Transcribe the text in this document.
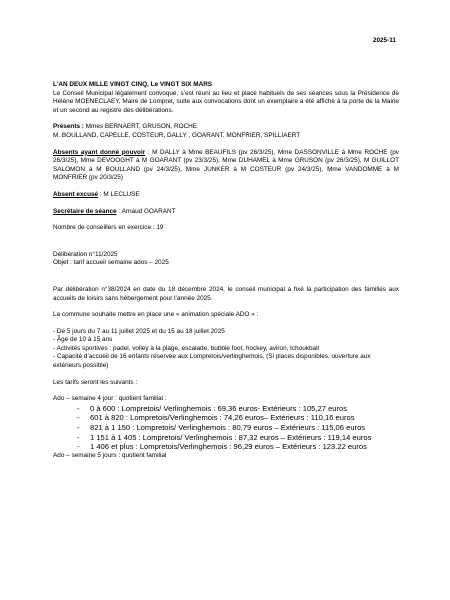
2025-11

L’AN DEUX MILLE VINGT CINQ, Le VINGT SIX MARS

Le Conseil Municipal légalement convoqué, s’est réuni au lieu et place habituels de ses séances sous la Présidence de Hélène MOENECLAEY, Maire de Lompret, suite aux convocations dont un exemplaire a été affiché à la porte de la Mairie et un second au registre des délibérations.

Présents : Mmes BERNAERT, GRUSON, ROCHE

M. BOULLAND, CAPELLE, COSTEUR, DALLY , GOARANT, MONFRIER, SPILLIAERT

Absents ayant donné pouvoir : M DALLY à Mme BEAUFILS (pv 26/3/25), Mme DASSONVILLE à Mme ROCHE (pv 26/3/25), Mme DEVOOGHT à M GOARANT (pv 23/3/25), Mme DUHAMEL à Mme GRUSON (pv 26/3/25), M GUILLOT SALOMON à M BOULLAND (pv 24/3/25), Mme JUNKER à M COSTEUR (pv 24/3/25), Mme VANDOMME à M MONFRIER (pv 20/3/25)

Absent excusé : M LECLUSE

Secrétaire de séance : Arnaud GOARANT

Nombre de conseillers en exercice : 19

Délibération n°11/2025

Objet : tarif accueil semaine ados – 2025

Par délibération n°38/2024 en date du 18 décembre 2024, le conseil municipal a fixé la participation des familles aux accueils de loisirs sans hébergement pour l’année 2025.

La commune souhaite mettre en place une « animation spéciale ADO » :

- De 5 jours du 7 au 11 juillet 2025 et du 15 au 18 juillet 2025

- Âge de 10 à 15 ans

- Activités sportives : padel, volley à la plage, escalade, bubble foot, hockey, aviron, tchoukball

- Capacité d’accueil de 16 enfants réservée aux Lompretois/verlinghemois. (Si places disponibles, ouverture aux extérieurs possible)

Les tarifs seront les suivants :

Ado – semaine 4 jour : quotient familial :

- 0 à 600 : Lompretois/ Verlinghemois : 69,36 euros- Extérieurs : 105,27 euros
- 601 à 820 : Lompretois/Verlinghemois : 74,26 euros– Extérieurs : 110,16 euros
- 821 à 1 150 : Lompretois/ Verlinghemois : 80,79 euros – Extérieurs : 115,06 euros
- 1 151 à 1 405 : Lompretois/ Verlinghemois : 87,32 euros – Extérieurs : 119,14 euros
- 1 406 et plus : Lompretois/Verlinghemois : 96,29 euros – Extérieurs : 123.22 euros

Ado – semaine 5 jours : quotient familial
